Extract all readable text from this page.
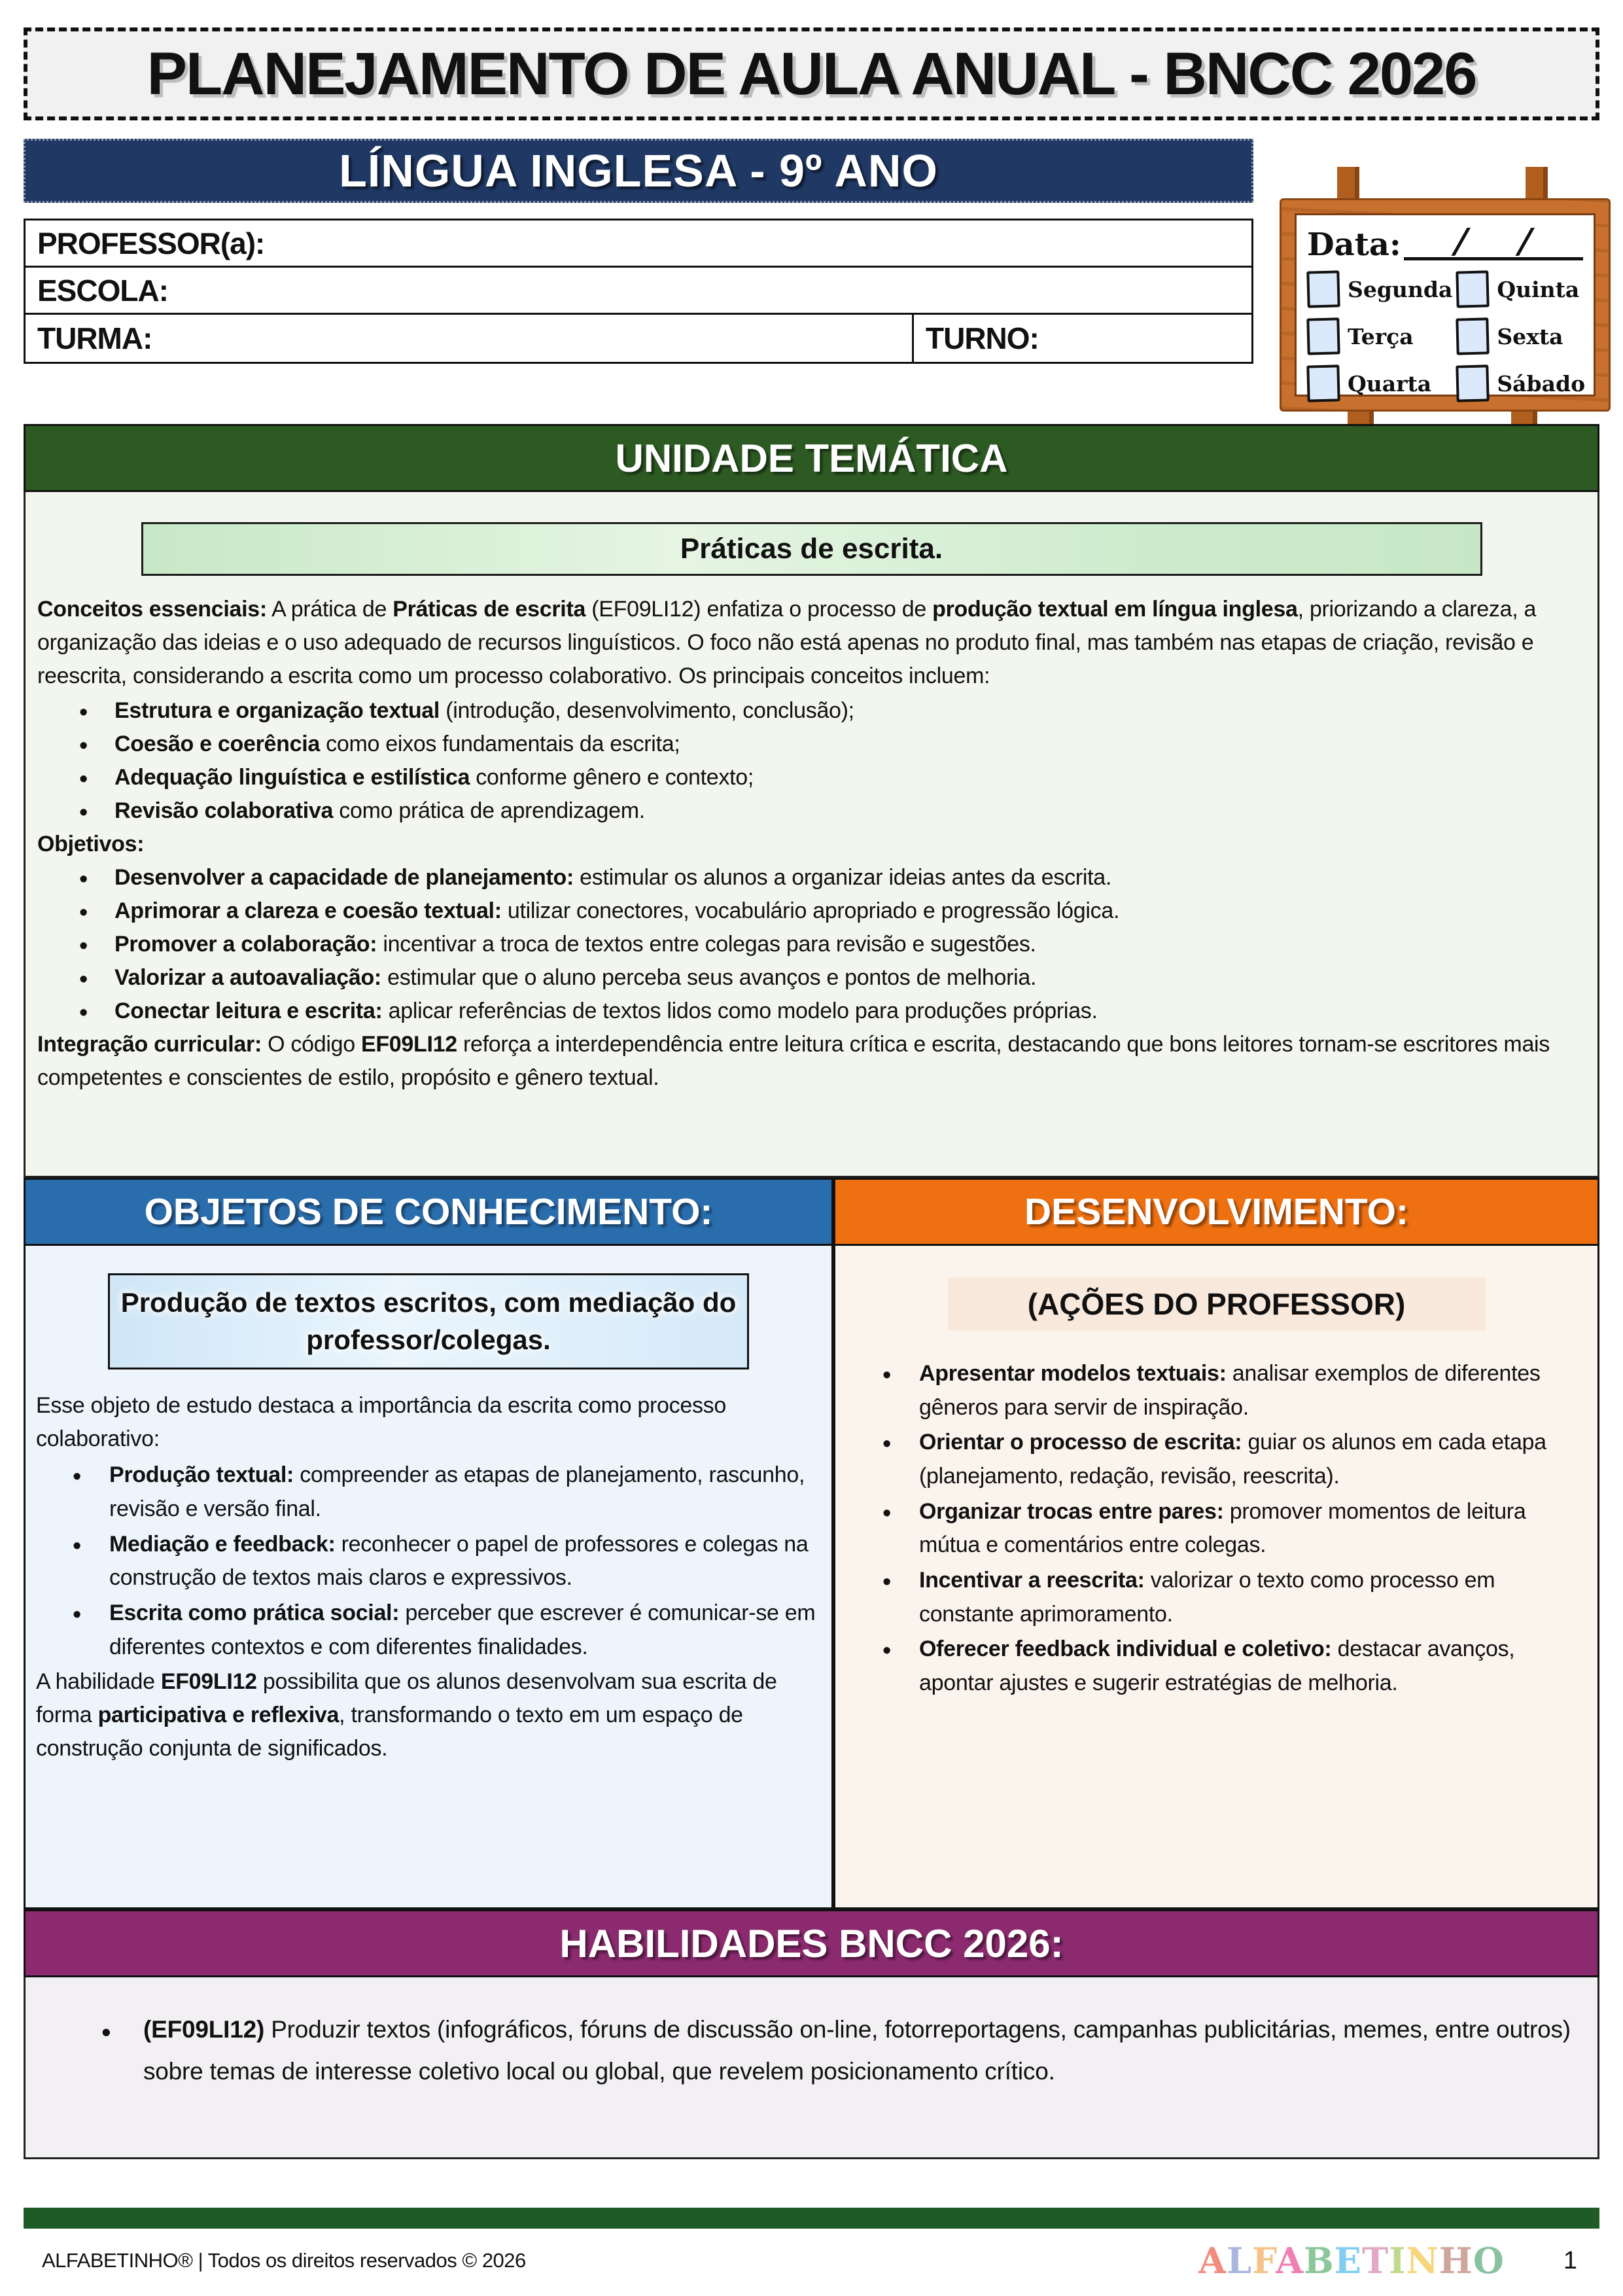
PLANEJAMENTO DE AULA ANUAL - BNCC 2026
LÍNGUA INGLESA - 9º ANO
PROFESSOR(a):
ESCOLA:
TURMA:	TURNO:
Data: / /
Segunda Quinta
Terça	Sexta
Quarta	Sábado
UNIDADE TEMÁTICA
Práticas de escrita.

Conceitos essenciais: A prática de Práticas de escrita (EF09LI12) enfatiza o processo de produção textual em língua inglesa, priorizando a clareza, a organização das ideias e o uso adequado de recursos linguísticos. O foco não está apenas no produto final, mas também nas etapas de criação, revisão e reescrita, considerando a escrita como um processo colaborativo. Os principais conceitos incluem:

• Estrutura e organização textual (introdução, desenvolvimento, conclusão);
• Coesão e coerência como eixos fundamentais da escrita;
• Adequação linguística e estilística conforme gênero e contexto;
• Revisão colaborativa como prática de aprendizagem.

Objetivos:

• Desenvolver a capacidade de planejamento: estimular os alunos a organizar ideias antes da escrita.
• Aprimorar a clareza e coesão textual: utilizar conectores, vocabulário apropriado e progressão lógica.
• Promover a colaboração: incentivar a troca de textos entre colegas para revisão e sugestões.
• Valorizar a autoavaliação: estimular que o aluno perceba seus avanços e pontos de melhoria.
• Conectar leitura e escrita: aplicar referências de textos lidos como modelo para produções próprias.

Integração curricular: O código EF09LI12 reforça a interdependência entre leitura crítica e escrita, destacando que bons leitores tornam-se escritores mais competentes e conscientes de estilo, propósito e gênero textual.

OBJETOS DE CONHECIMENTO:
Produção de textos escritos, com mediação do professor/colegas.

Esse objeto de estudo destaca a importância da escrita como processo colaborativo:

• Produção textual: compreender as etapas de planejamento, rascunho, revisão e versão final.
• Mediação e feedback: reconhecer o papel de professores e colegas na construção de textos mais claros e expressivos.
• Escrita como prática social: perceber que escrever é comunicar-se em diferentes contextos e com diferentes finalidades.

A habilidade EF09LI12 possibilita que os alunos desenvolvam sua escrita de forma participativa e reflexiva, transformando o texto em um espaço de construção conjunta de significados.

DESENVOLVIMENTO:
(AÇÕES DO PROFESSOR)
• Apresentar modelos textuais: analisar exemplos de diferentes gêneros para servir de inspiração.
• Orientar o processo de escrita: guiar os alunos em cada etapa (planejamento, redação, revisão, reescrita).
• Organizar trocas entre pares: promover momentos de leitura mútua e comentários entre colegas.
• Incentivar a reescrita: valorizar o texto como processo em constante aprimoramento.
• Oferecer feedback individual e coletivo: destacar avanços, apontar ajustes e sugerir estratégias de melhoria.
HABILIDADES BNCC 2026:
• (EF09LI12) Produzir textos (infográficos, fóruns de discussão on-line, fotorreportagens, campanhas publicitárias, memes, entre outros) sobre temas de interesse coletivo local ou global, que revelem posicionamento crítico.
ALFABETINHO® | Todos os direitos reservados © 2026	ALFABETINHO 1
